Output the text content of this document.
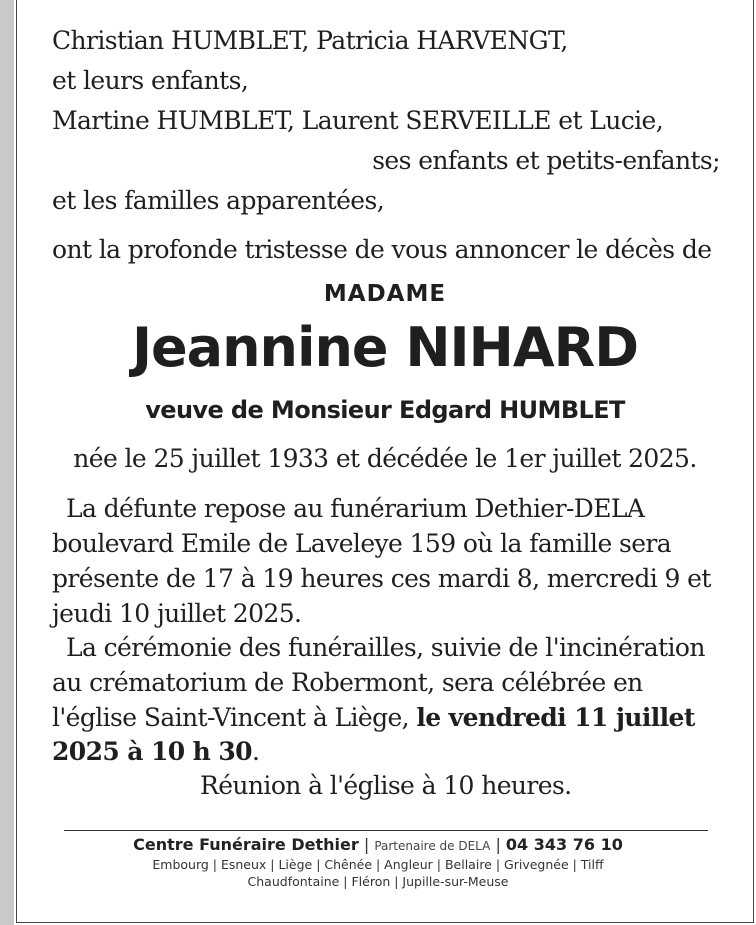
Christian HUMBLET, Patricia HARVENGT,
et leurs enfants,
Martine HUMBLET, Laurent SERVEILLE et Lucie,
ses enfants et petits-enfants;
et les familles apparentées,
ont la profonde tristesse de vous annoncer le décès de
MADAME
Jeannine NIHARD
veuve de Monsieur Edgard HUMBLET
née le 25 juillet 1933 et décédée le 1er juillet 2025.
La défunte repose au funérarium Dethier-DELA
boulevard Emile de Laveleye 159 où la famille sera
présente de 17 à 19 heures ces mardi 8, mercredi 9 et
jeudi 10 juillet 2025.
La cérémonie des funérailles, suivie de l'incinération
au crématorium de Robermont, sera célébrée en
l'église Saint-Vincent à Liège, le vendredi 11 juillet
2025 à 10 h 30.
Réunion à l'église à 10 heures.
Centre Funéraire Dethier | Partenaire de DELA | 04 343 76 10
Embourg | Esneux | Liège | Chênée | Angleur | Bellaire | Grivegnée | Tilff
Chaudfontaine | Fléron | Jupille-sur-Meuse
